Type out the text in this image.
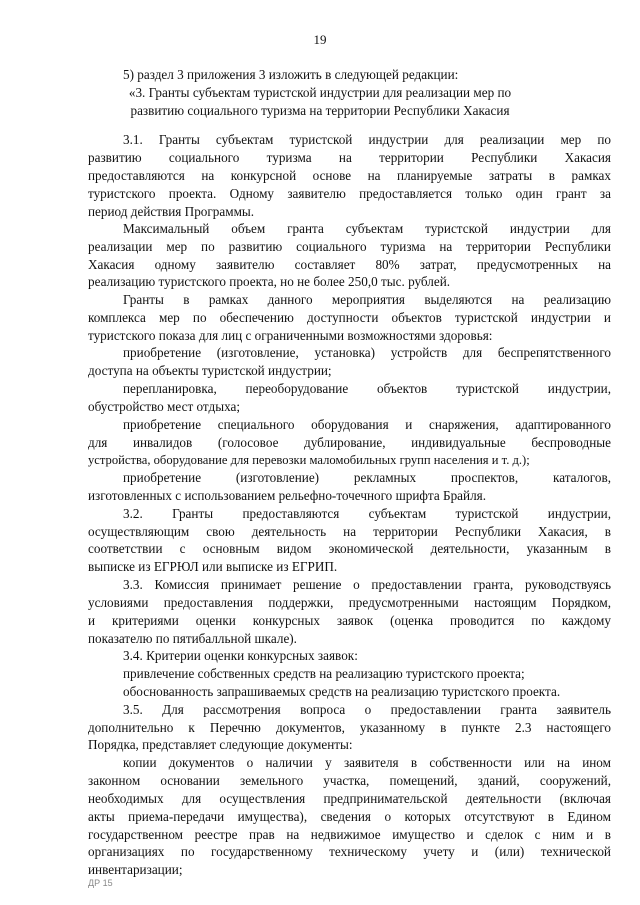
19
5) раздел 3 приложения 3 изложить в следующей редакции:
«3. Гранты субъектам туристской индустрии для реализации мер по
развитию социального туризма на территории Республики Хакасия
3.1. Гранты субъектам туристской индустрии для реализации мер по
развитию социального туризма на территории Республики Хакасия
предоставляются на конкурсной основе на планируемые затраты в рамках
туристского проекта. Одному заявителю предоставляется только один грант за
период действия Программы.
Максимальный объем гранта субъектам туристской индустрии для
реализации мер по развитию социального туризма на территории Республики
Хакасия одному заявителю составляет 80% затрат, предусмотренных на
реализацию туристского проекта, но не более 250,0 тыс. рублей.
Гранты в рамках данного мероприятия выделяются на реализацию
комплекса мер по обеспечению доступности объектов туристской индустрии и
туристского показа для лиц с ограниченными возможностями здоровья:
приобретение (изготовление, установка) устройств для беспрепятственного
доступа на объекты туристской индустрии;
перепланировка, переоборудование объектов туристской индустрии,
обустройство мест отдыха;
приобретение специального оборудования и снаряжения, адаптированного
для инвалидов (голосовое дублирование, индивидуальные беспроводные
устройства, оборудование для перевозки маломобильных групп населения и т. д.);
приобретение (изготовление) рекламных проспектов, каталогов,
изготовленных с использованием рельефно-точечного шрифта Брайля.
3.2. Гранты предоставляются субъектам туристской индустрии,
осуществляющим свою деятельность на территории Республики Хакасия, в
соответствии с основным видом экономической деятельности, указанным в
выписке из ЕГРЮЛ или выписке из ЕГРИП.
3.3. Комиссия принимает решение о предоставлении гранта, руководствуясь
условиями предоставления поддержки, предусмотренными настоящим Порядком,
и критериями оценки конкурсных заявок (оценка проводится по каждому
показателю по пятибалльной шкале).
3.4. Критерии оценки конкурсных заявок:
привлечение собственных средств на реализацию туристского проекта;
обоснованность запрашиваемых средств на реализацию туристского проекта.
3.5. Для рассмотрения вопроса о предоставлении гранта заявитель
дополнительно к Перечню документов, указанному в пункте 2.3 настоящего
Порядка, представляет следующие документы:
копии документов о наличии у заявителя в собственности или на ином
законном основании земельного участка, помещений, зданий, сооружений,
необходимых для осуществления предпринимательской деятельности (включая
акты приема-передачи имущества), сведения о которых отсутствуют в Едином
государственном реестре прав на недвижимое имущество и сделок с ним и в
организациях по государственному техническому учету и (или) технической
инвентаризации;
ДР 15
